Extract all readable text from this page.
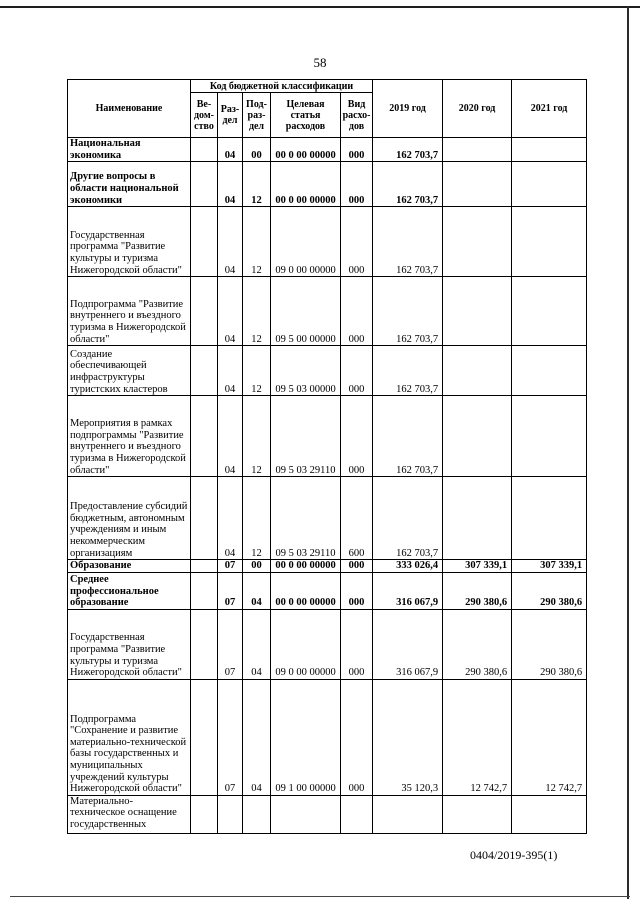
58
Наименование	Код бюджетной классификации					2019 год	2020 год	2021 год
	Ве-дом-ство	Раз-дел	Под-раз-дел	Целевая статья расходов	Вид расхо-дов			
Национальная экономика		04	00	00 0 00 00000	000	162 703,7		
Другие вопросы в области национальной экономики		04	12	00 0 00 00000	000	162 703,7		
Государственная программа "Развитие культуры и туризма Нижегородской области"		04	12	09 0 00 00000	000	162 703,7		
Подпрограмма "Развитие внутреннего и въездного туризма в Нижегородской области"		04	12	09 5 00 00000	000	162 703,7		
Создание обеспечивающей инфраструктуры туристских кластеров		04	12	09 5 03 00000	000	162 703,7		
Мероприятия в рамках подпрограммы "Развитие внутреннего и въездного туризма в Нижегородской области"		04	12	09 5 03 29110	000	162 703,7		
Предоставление субсидий бюджетным, автономным учреждениям и иным некоммерческим организациям		04	12	09 5 03 29110	600	162 703,7		
Образование		07	00	00 0 00 00000	000	333 026,4	307 339,1	307 339,1
Среднее профессиональное образование		07	04	00 0 00 00000	000	316 067,9	290 380,6	290 380,6
Государственная программа "Развитие культуры и туризма Нижегородской области"		07	04	09 0 00 00000	000	316 067,9	290 380,6	290 380,6
Подпрограмма "Сохранение и развитие материально-технической базы государственных и муниципальных учреждений культуры Нижегородской области"		07	04	09 1 00 00000	000	35 120,3	12 742,7	12 742,7
Материально-техническое оснащение государственных								
0404/2019-395(1)
